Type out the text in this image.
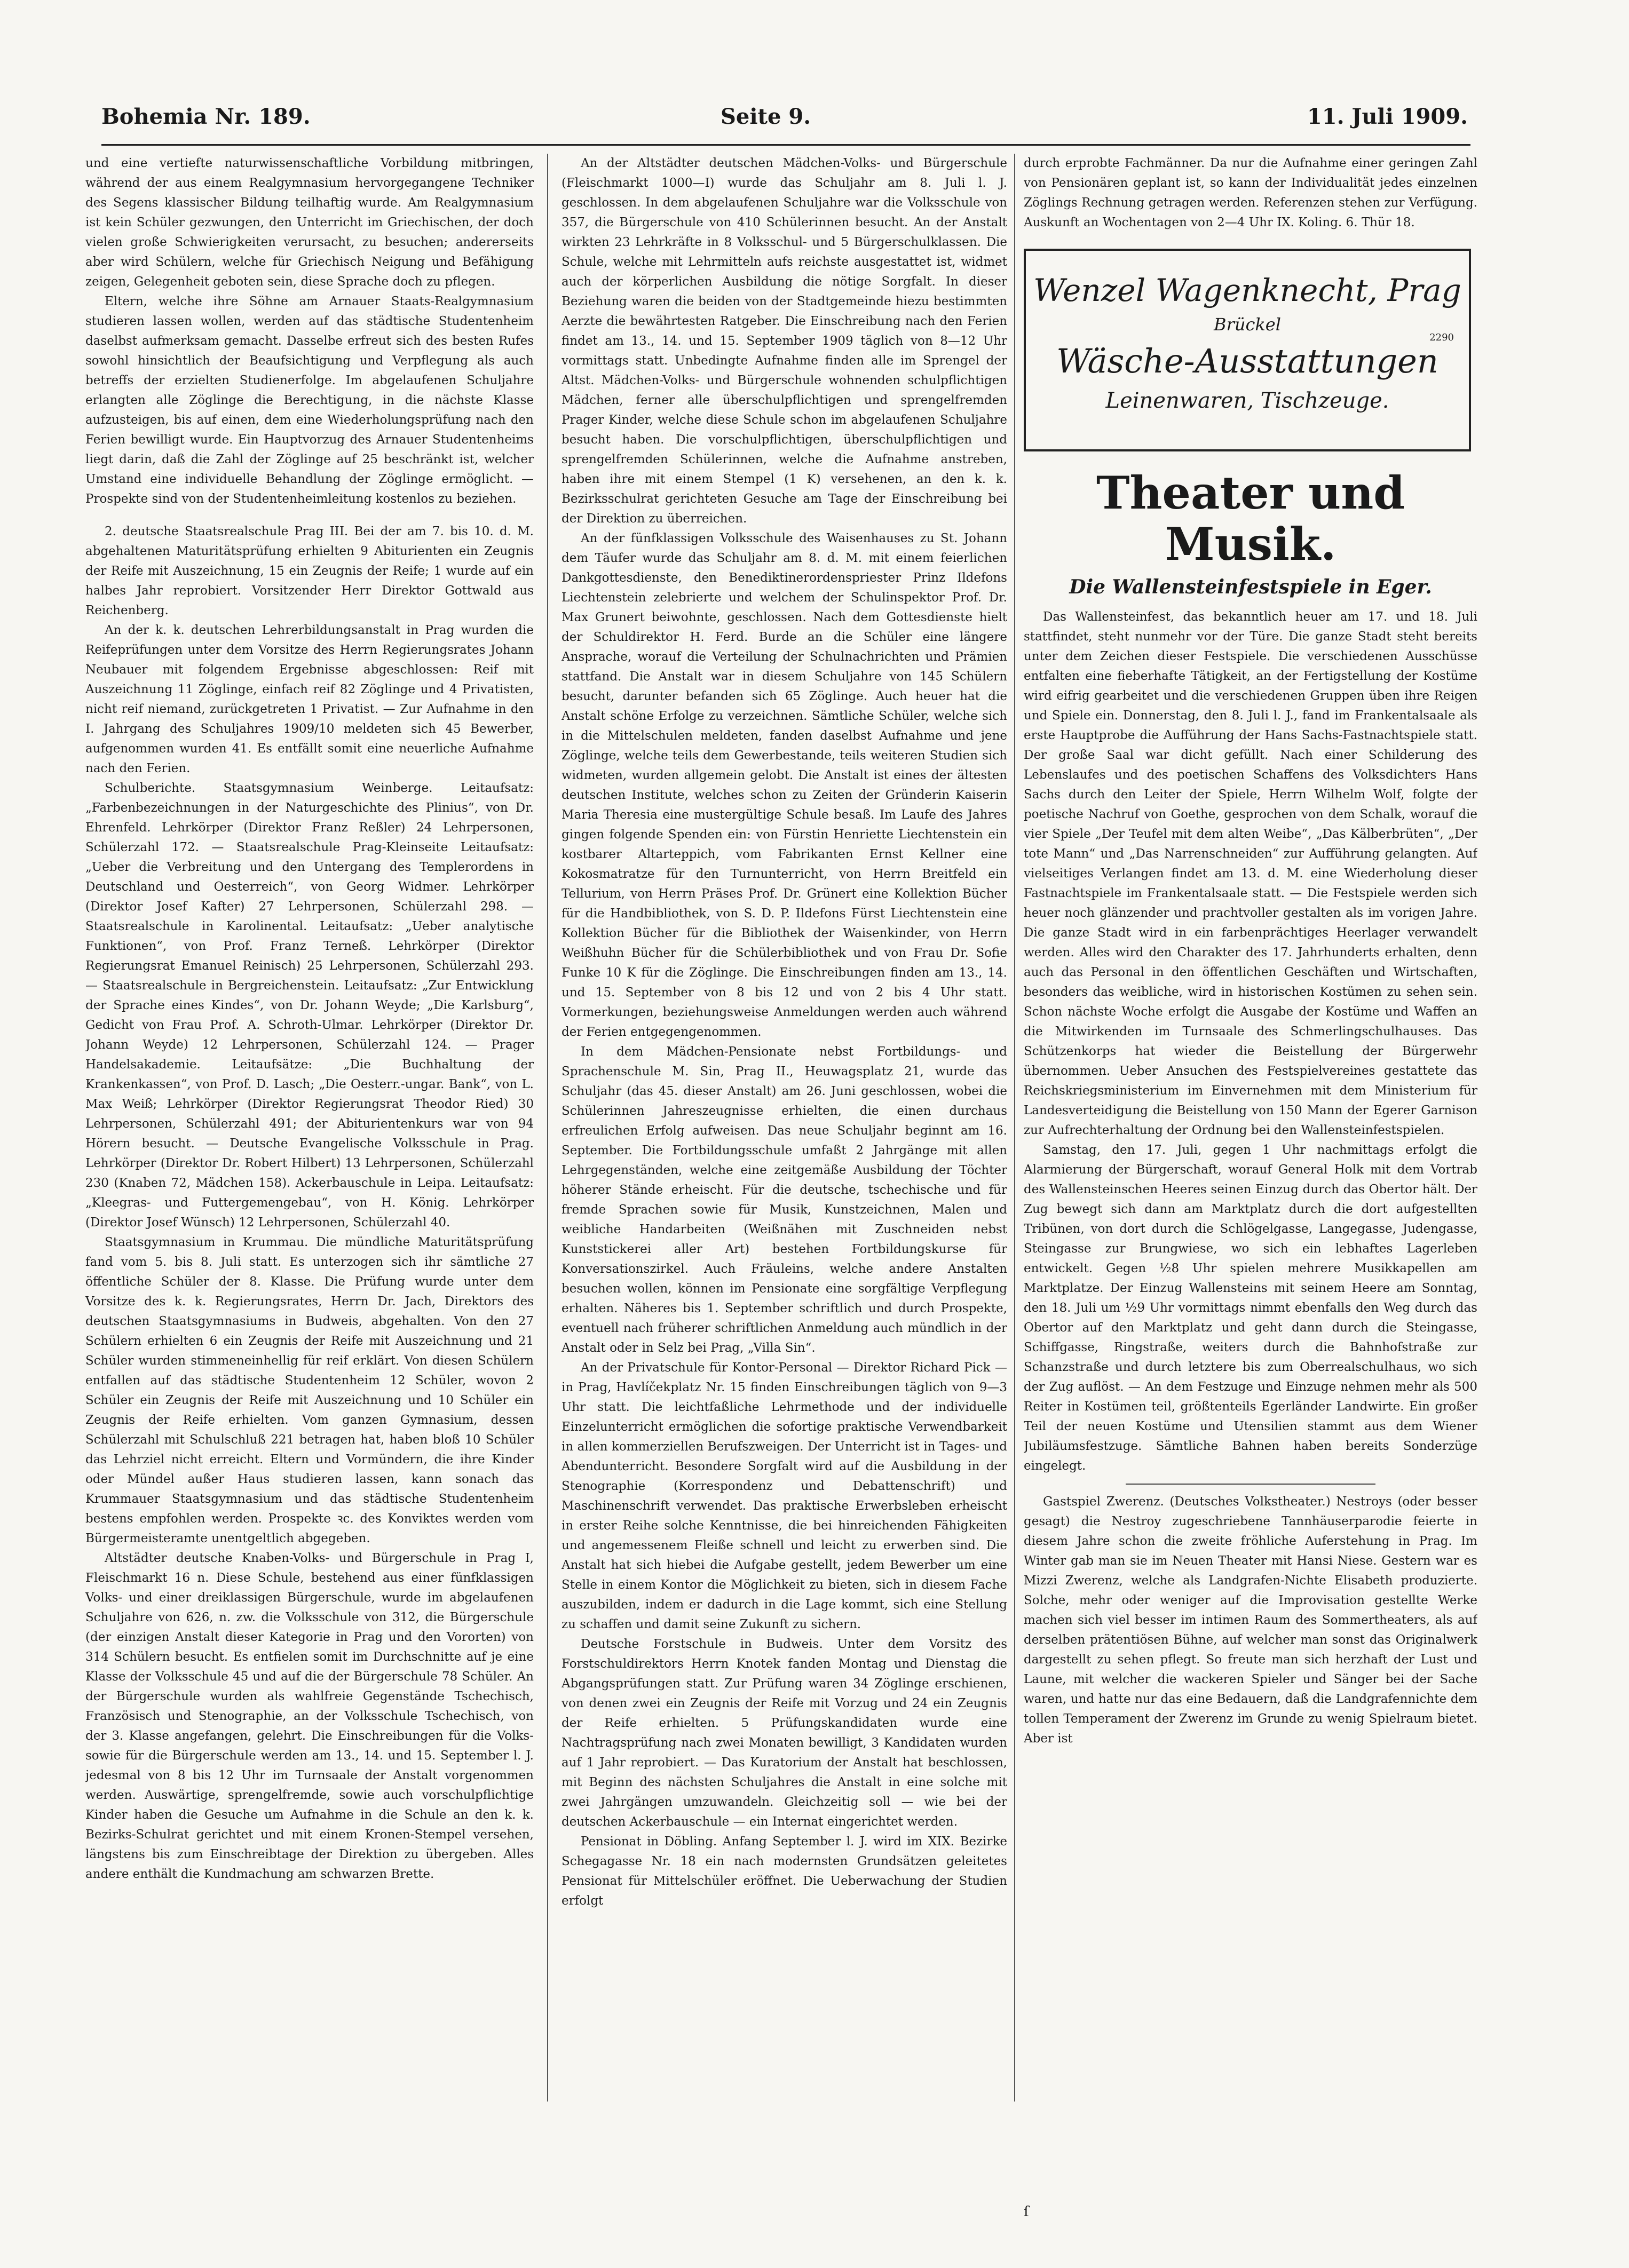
Bohemia Nr. 189.	Seite 9.	11. Juli 1909.

und eine vertiefte naturwissenschaftliche Vorbildung mitbringen, während der aus einem Realgymnasium hervorgegangene Techniker des Segens klassischer Bildung teilhaftig wurde. Am Realgymnasium ist kein Schüler gezwungen, den Unterricht im Griechischen, der doch vielen große Schwierigkeiten verursacht, zu besuchen; andererseits aber wird Schülern, welche für Griechisch Neigung und Befähigung zeigen, Gelegenheit geboten sein, diese Sprache doch zu pflegen.

Eltern, welche ihre Söhne am Arnauer Staats-Realgymnasium studieren lassen wollen, werden auf das städtische Studentenheim daselbst aufmerksam gemacht. Dasselbe erfreut sich des besten Rufes sowohl hinsichtlich der Beaufsichtigung und Verpflegung als auch betreffs der erzielten Studienerfolge. Im abgelaufenen Schuljahre erlangten alle Zöglinge die Berechtigung, in die nächste Klasse aufzusteigen, bis auf einen, dem eine Wiederholungsprüfung nach den Ferien bewilligt wurde. Ein Hauptvorzug des Arnauer Studentenheims liegt darin, daß die Zahl der Zöglinge auf 25 beschränkt ist, welcher Umstand eine individuelle Behandlung der Zöglinge ermöglicht. — Prospekte sind von der Studentenheimleitung kostenlos zu beziehen.

2. deutsche Staatsrealschule Prag III. Bei der am 7. bis 10. d. M. abgehaltenen Maturitätsprüfung erhielten 9 Abiturienten ein Zeugnis der Reife mit Auszeichnung, 15 ein Zeugnis der Reife; 1 wurde auf ein halbes Jahr reprobiert. Vorsitzender Herr Direktor Gottwald aus Reichenberg.

An der k. k. deutschen Lehrerbildungsanstalt in Prag wurden die Reifeprüfungen unter dem Vorsitze des Herrn Regierungsrates Johann Neubauer mit folgendem Ergebnisse abgeschlossen: Reif mit Auszeichnung 11 Zöglinge, einfach reif 82 Zöglinge und 4 Privatisten, nicht reif niemand, zurückgetreten 1 Privatist. — Zur Aufnahme in den I. Jahrgang des Schuljahres 1909/10 meldeten sich 45 Bewerber, aufgenommen wurden 41. Es entfällt somit eine neuerliche Aufnahme nach den Ferien.

Schulberichte. Staatsgymnasium Weinberge. Leitaufsatz: „Farbenbezeichnungen in der Naturgeschichte des Plinius“, von Dr. Ehrenfeld. Lehrkörper (Direktor Franz Reßler) 24 Lehrpersonen, Schülerzahl 172. — Staatsrealschule Prag-Kleinseite Leitaufsatz: „Ueber die Verbreitung und den Untergang des Templerordens in Deutschland und Oesterreich“, von Georg Widmer. Lehrkörper (Direktor Josef Kafter) 27 Lehrpersonen, Schülerzahl 298. — Staatsrealschule in Karolinental. Leitaufsatz: „Ueber analytische Funktionen“, von Prof. Franz Terneß. Lehrkörper (Direktor Regierungsrat Emanuel Reinisch) 25 Lehrpersonen, Schülerzahl 293. — Staatsrealschule in Bergreichenstein. Leitaufsatz: „Zur Entwicklung der Sprache eines Kindes“, von Dr. Johann Weyde; „Die Karlsburg“, Gedicht von Frau Prof. A. Schroth-Ulmar. Lehrkörper (Direktor Dr. Johann Weyde) 12 Lehrpersonen, Schülerzahl 124. — Prager Handelsakademie. Leitaufsätze: „Die Buchhaltung der Krankenkassen“, von Prof. D. Lasch; „Die Oesterr.-ungar. Bank“, von L. Max Weiß; Lehrkörper (Direktor Regierungsrat Theodor Ried) 30 Lehrpersonen, Schülerzahl 491; der Abiturientenkurs war von 94 Hörern besucht. — Deutsche Evangelische Volksschule in Prag. Lehrkörper (Direktor Dr. Robert Hilbert) 13 Lehrpersonen, Schülerzahl 230 (Knaben 72, Mädchen 158). Ackerbauschule in Leipa. Leitaufsatz: „Kleegras- und Futtergemengebau“, von H. König. Lehrkörper (Direktor Josef Wünsch) 12 Lehrpersonen, Schülerzahl 40.

Staatsgymnasium in Krummau. Die mündliche Maturitätsprüfung fand vom 5. bis 8. Juli statt. Es unterzogen sich ihr sämtliche 27 öffentliche Schüler der 8. Klasse. Die Prüfung wurde unter dem Vorsitze des k. k. Regierungsrates, Herrn Dr. Jach, Direktors des deutschen Staatsgymnasiums in Budweis, abgehalten. Von den 27 Schülern erhielten 6 ein Zeugnis der Reife mit Auszeichnung und 21 Schüler wurden stimmeneinhellig für reif erklärt. Von diesen Schülern entfallen auf das städtische Studentenheim 12 Schüler, wovon 2 Schüler ein Zeugnis der Reife mit Auszeichnung und 10 Schüler ein Zeugnis der Reife erhielten. Vom ganzen Gymnasium, dessen Schülerzahl mit Schulschluß 221 betragen hat, haben bloß 10 Schüler das Lehrziel nicht erreicht. Eltern und Vormündern, die ihre Kinder oder Mündel außer Haus studieren lassen, kann sonach das Krummauer Staatsgymnasium und das städtische Studentenheim bestens empfohlen werden. Prospekte ꝛc. des Konviktes werden vom Bürgermeisteramte unentgeltlich abgegeben.

Altstädter deutsche Knaben-Volks- und Bürgerschule in Prag I, Fleischmarkt 16 n. Diese Schule, bestehend aus einer fünfklassigen Volks- und einer dreiklassigen Bürgerschule, wurde im abgelaufenen Schuljahre von 626, n. zw. die Volksschule von 312, die Bürgerschule (der einzigen Anstalt dieser Kategorie in Prag und den Vororten) von 314 Schülern besucht. Es entfielen somit im Durchschnitte auf je eine Klasse der Volksschule 45 und auf die der Bürgerschule 78 Schüler. An der Bürgerschule wurden als wahlfreie Gegenstände Tschechisch, Französisch und Stenographie, an der Volksschule Tschechisch, von der 3. Klasse angefangen, gelehrt. Die Einschreibungen für die Volks- sowie für die Bürgerschule werden am 13., 14. und 15. September l. J. jedesmal von 8 bis 12 Uhr im Turnsaale der Anstalt vorgenommen werden. Auswärtige, sprengelfremde, sowie auch vorschulpflichtige Kinder haben die Gesuche um Aufnahme in die Schule an den k. k. Bezirks-Schulrat gerichtet und mit einem Kronen-Stempel versehen, längstens bis zum Einschreibtage der Direktion zu übergeben. Alles andere enthält die Kundmachung am schwarzen Brette.

An der Altstädter deutschen Mädchen-Volks- und Bürgerschule (Fleischmarkt 1000—I) wurde das Schuljahr am 8. Juli l. J. geschlossen. In dem abgelaufenen Schuljahre war die Volksschule von 357, die Bürgerschule von 410 Schülerinnen besucht. An der Anstalt wirkten 23 Lehrkräfte in 8 Volksschul- und 5 Bürgerschulklassen. Die Schule, welche mit Lehrmitteln aufs reichste ausgestattet ist, widmet auch der körperlichen Ausbildung die nötige Sorgfalt. In dieser Beziehung waren die beiden von der Stadtgemeinde hiezu bestimmten Aerzte die bewährtesten Ratgeber. Die Einschreibung nach den Ferien findet am 13., 14. und 15. September 1909 täglich von 8—12 Uhr vormittags statt. Unbedingte Aufnahme finden alle im Sprengel der Altst. Mädchen-Volks- und Bürgerschule wohnenden schulpflichtigen Mädchen, ferner alle überschulpflichtigen und sprengelfremden Prager Kinder, welche diese Schule schon im abgelaufenen Schuljahre besucht haben. Die vorschulpflichtigen, überschulpflichtigen und sprengelfremden Schülerinnen, welche die Aufnahme anstreben, haben ihre mit einem Stempel (1 K) versehenen, an den k. k. Bezirksschulrat gerichteten Gesuche am Tage der Einschreibung bei der Direktion zu überreichen.

An der fünfklassigen Volksschule des Waisenhauses zu St. Johann dem Täufer wurde das Schuljahr am 8. d. M. mit einem feierlichen Dankgottesdienste, den Benediktinerordenspriester Prinz Ildefons Liechtenstein zelebrierte und welchem der Schulinspektor Prof. Dr. Max Grunert beiwohnte, geschlossen. Nach dem Gottesdienste hielt der Schuldirektor H. Ferd. Burde an die Schüler eine längere Ansprache, worauf die Verteilung der Schulnachrichten und Prämien stattfand. Die Anstalt war in diesem Schuljahre von 145 Schülern besucht, darunter befanden sich 65 Zöglinge. Auch heuer hat die Anstalt schöne Erfolge zu verzeichnen. Sämtliche Schüler, welche sich in die Mittelschulen meldeten, fanden daselbst Aufnahme und jene Zöglinge, welche teils dem Gewerbestande, teils weiteren Studien sich widmeten, wurden allgemein gelobt. Die Anstalt ist eines der ältesten deutschen Institute, welches schon zu Zeiten der Gründerin Kaiserin Maria Theresia eine mustergültige Schule besaß. Im Laufe des Jahres gingen folgende Spenden ein: von Fürstin Henriette Liechtenstein ein kostbarer Altarteppich, vom Fabrikanten Ernst Kellner eine Kokosmatratze für den Turnunterricht, von Herrn Breitfeld ein Tellurium, von Herrn Präses Prof. Dr. Grünert eine Kollektion Bücher für die Handbibliothek, von S. D. P. Ildefons Fürst Liechtenstein eine Kollektion Bücher für die Bibliothek der Waisenkinder, von Herrn Weißhuhn Bücher für die Schülerbibliothek und von Frau Dr. Sofie Funke 10 K für die Zöglinge. Die Einschreibungen finden am 13., 14. und 15. September von 8 bis 12 und von 2 bis 4 Uhr statt. Vormerkungen, beziehungsweise Anmeldungen werden auch während der Ferien entgegengenommen.

In dem Mädchen-Pensionate nebst Fortbildungs- und Sprachenschule M. Sin, Prag II., Heuwagsplatz 21, wurde das Schuljahr (das 45. dieser Anstalt) am 26. Juni geschlossen, wobei die Schülerinnen Jahreszeugnisse erhielten, die einen durchaus erfreulichen Erfolg aufweisen. Das neue Schuljahr beginnt am 16. September. Die Fortbildungsschule umfaßt 2 Jahrgänge mit allen Lehrgegenständen, welche eine zeitgemäße Ausbildung der Töchter höherer Stände erheischt. Für die deutsche, tschechische und für fremde Sprachen sowie für Musik, Kunstzeichnen, Malen und weibliche Handarbeiten (Weißnähen mit Zuschneiden nebst Kunststickerei aller Art) bestehen Fortbildungskurse für Konversationszirkel. Auch Fräuleins, welche andere Anstalten besuchen wollen, können im Pensionate eine sorgfältige Verpflegung erhalten. Näheres bis 1. September schriftlich und durch Prospekte, eventuell nach früherer schriftlichen Anmeldung auch mündlich in der Anstalt oder in Selz bei Prag, „Villa Sin“.

An der Privatschule für Kontor-Personal — Direktor Richard Pick — in Prag, Havlíčekplatz Nr. 15 finden Einschreibungen täglich von 9—3 Uhr statt. Die leichtfaßliche Lehrmethode und der individuelle Einzelunterricht ermöglichen die sofortige praktische Verwendbarkeit in allen kommerziellen Berufszweigen. Der Unterricht ist in Tages- und Abendunterricht. Besondere Sorgfalt wird auf die Ausbildung in der Stenographie (Korrespondenz und Debattenschrift) und Maschinenschrift verwendet. Das praktische Erwerbsleben erheischt in erster Reihe solche Kenntnisse, die bei hinreichenden Fähigkeiten und angemessenem Fleiße schnell und leicht zu erwerben sind. Die Anstalt hat sich hiebei die Aufgabe gestellt, jedem Bewerber um eine Stelle in einem Kontor die Möglichkeit zu bieten, sich in diesem Fache auszubilden, indem er dadurch in die Lage kommt, sich eine Stellung zu schaffen und damit seine Zukunft zu sichern.

Deutsche Forstschule in Budweis. Unter dem Vorsitz des Forstschuldirektors Herrn Knotek fanden Montag und Dienstag die Abgangsprüfungen statt. Zur Prüfung waren 34 Zöglinge erschienen, von denen zwei ein Zeugnis der Reife mit Vorzug und 24 ein Zeugnis der Reife erhielten. 5 Prüfungskandidaten wurde eine Nachtragsprüfung nach zwei Monaten bewilligt, 3 Kandidaten wurden auf 1 Jahr reprobiert. — Das Kuratorium der Anstalt hat beschlossen, mit Beginn des nächsten Schuljahres die Anstalt in eine solche mit zwei Jahrgängen umzuwandeln. Gleichzeitig soll — wie bei der deutschen Ackerbauschule — ein Internat eingerichtet werden.

Pensionat in Döbling. Anfang September l. J. wird im XIX. Bezirke Schegagasse Nr. 18 ein nach modernsten Grundsätzen geleitetes Pensionat für Mittelschüler eröffnet. Die Ueberwachung der Studien erfolgt

durch erprobte Fachmänner. Da nur die Aufnahme einer geringen Zahl von Pensionären geplant ist, so kann der Individualität jedes einzelnen Zöglings Rechnung getragen werden. Referenzen stehen zur Verfügung. Auskunft an Wochentagen von 2—4 Uhr IX. Koling. 6. Thür 18.

Wenzel Wagenknecht, Prag
Brückel
2290
Wäsche-Ausstattungen
Leinenwaren, Tischzeuge.
Theater und Musik.
Die Wallensteinfestspiele in Eger.

Das Wallensteinfest, das bekanntlich heuer am 17. und 18. Juli stattfindet, steht nunmehr vor der Türe. Die ganze Stadt steht bereits unter dem Zeichen dieser Festspiele. Die verschiedenen Ausschüsse entfalten eine fieberhafte Tätigkeit, an der Fertigstellung der Kostüme wird eifrig gearbeitet und die verschiedenen Gruppen üben ihre Reigen und Spiele ein. Donnerstag, den 8. Juli l. J., fand im Frankentalsaale als erste Hauptprobe die Aufführung der Hans Sachs-Fastnachtspiele statt. Der große Saal war dicht gefüllt. Nach einer Schilderung des Lebenslaufes und des poetischen Schaffens des Volksdichters Hans Sachs durch den Leiter der Spiele, Herrn Wilhelm Wolf, folgte der poetische Nachruf von Goethe, gesprochen von dem Schalk, worauf die vier Spiele „Der Teufel mit dem alten Weibe“, „Das Kälberbrüten“, „Der tote Mann“ und „Das Narrenschneiden“ zur Aufführung gelangten. Auf vielseitiges Verlangen findet am 13. d. M. eine Wiederholung dieser Fastnachtspiele im Frankentalsaale statt. — Die Festspiele werden sich heuer noch glänzender und prachtvoller gestalten als im vorigen Jahre. Die ganze Stadt wird in ein farbenprächtiges Heerlager verwandelt werden. Alles wird den Charakter des 17. Jahrhunderts erhalten, denn auch das Personal in den öffentlichen Geschäften und Wirtschaften, besonders das weibliche, wird in historischen Kostümen zu sehen sein. Schon nächste Woche erfolgt die Ausgabe der Kostüme und Waffen an die Mitwirkenden im Turnsaale des Schmerlingschulhauses. Das Schützenkorps hat wieder die Beistellung der Bürgerwehr übernommen. Ueber Ansuchen des Festspielvereines gestattete das Reichskriegsministerium im Einvernehmen mit dem Ministerium für Landesverteidigung die Beistellung von 150 Mann der Egerer Garnison zur Aufrechterhaltung der Ordnung bei den Wallensteinfestspielen.

Samstag, den 17. Juli, gegen 1 Uhr nachmittags erfolgt die Alarmierung der Bürgerschaft, worauf General Holk mit dem Vortrab des Wallensteinschen Heeres seinen Einzug durch das Obertor hält. Der Zug bewegt sich dann am Marktplatz durch die dort aufgestellten Tribünen, von dort durch die Schlögelgasse, Langegasse, Judengasse, Steingasse zur Brungwiese, wo sich ein lebhaftes Lagerleben entwickelt. Gegen ½8 Uhr spielen mehrere Musikkapellen am Marktplatze. Der Einzug Wallensteins mit seinem Heere am Sonntag, den 18. Juli um ½9 Uhr vormittags nimmt ebenfalls den Weg durch das Obertor auf den Marktplatz und geht dann durch die Steingasse, Schiffgasse, Ringstraße, weiters durch die Bahnhofstraße zur Schanzstraße und durch letztere bis zum Oberrealschulhaus, wo sich der Zug auflöst. — An dem Festzuge und Einzuge nehmen mehr als 500 Reiter in Kostümen teil, größtenteils Egerländer Landwirte. Ein großer Teil der neuen Kostüme und Utensilien stammt aus dem Wiener Jubiläumsfestzuge. Sämtliche Bahnen haben bereits Sonderzüge eingelegt.

Gastspiel Zwerenz. (Deutsches Volkstheater.) Nestroys (oder besser gesagt) die Nestroy zugeschriebene Tannhäuserparodie feierte in diesem Jahre schon die zweite fröhliche Auferstehung in Prag. Im Winter gab man sie im Neuen Theater mit Hansi Niese. Gestern war es Mizzi Zwerenz, welche als Landgrafen-Nichte Elisabeth produzierte. Solche, mehr oder weniger auf die Improvisation gestellte Werke machen sich viel besser im intimen Raum des Sommertheaters, als auf derselben prätentiösen Bühne, auf welcher man sonst das Originalwerk dargestellt zu sehen pflegt. So freute man sich herzhaft der Lust und Laune, mit welcher die wackeren Spieler und Sänger bei der Sache waren, und hatte nur das eine Bedauern, daß die Landgrafennichte dem tollen Temperament der Zwerenz im Grunde zu wenig Spielraum bietet. Aber ist

ſ
